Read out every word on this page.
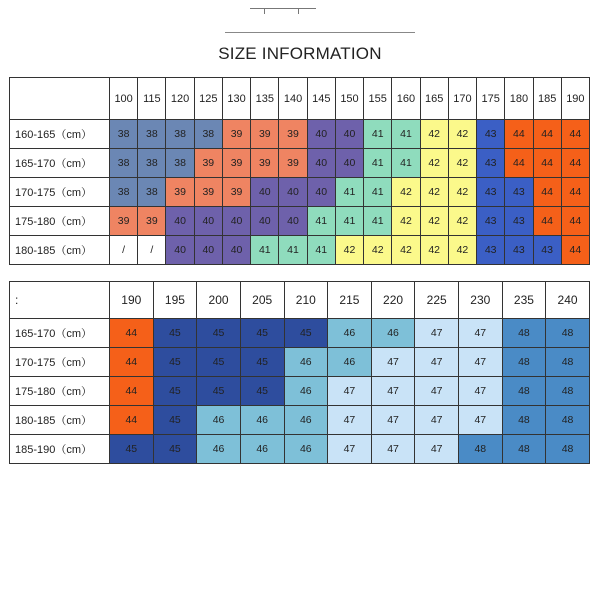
SIZE INFORMATION
	100	115	120	125	130	135	140	145	150	155	160	165	170	175	180	185	190
160-165（cm）	38	38	38	38	39	39	39	40	40	41	41	42	42	43	44	44	44
165-170（cm）	38	38	38	39	39	39	39	40	40	41	41	42	42	43	44	44	44
170-175（cm）	38	38	39	39	39	40	40	40	41	41	42	42	42	43	43	44	44
175-180（cm）	39	39	40	40	40	40	40	41	41	41	42	42	42	43	43	44	44
180-185（cm）	/	/	40	40	40	41	41	41	42	42	42	42	42	43	43	43	44
:	190	195	200	205	210	215	220	225	230	235	240
165-170（cm）	44	45	45	45	45	46	46	47	47	48	48
170-175（cm）	44	45	45	45	46	46	47	47	47	48	48
175-180（cm）	44	45	45	45	46	47	47	47	47	48	48
180-185（cm）	44	45	46	46	46	47	47	47	47	48	48
185-190（cm）	45	45	46	46	46	47	47	47	48	48	48
